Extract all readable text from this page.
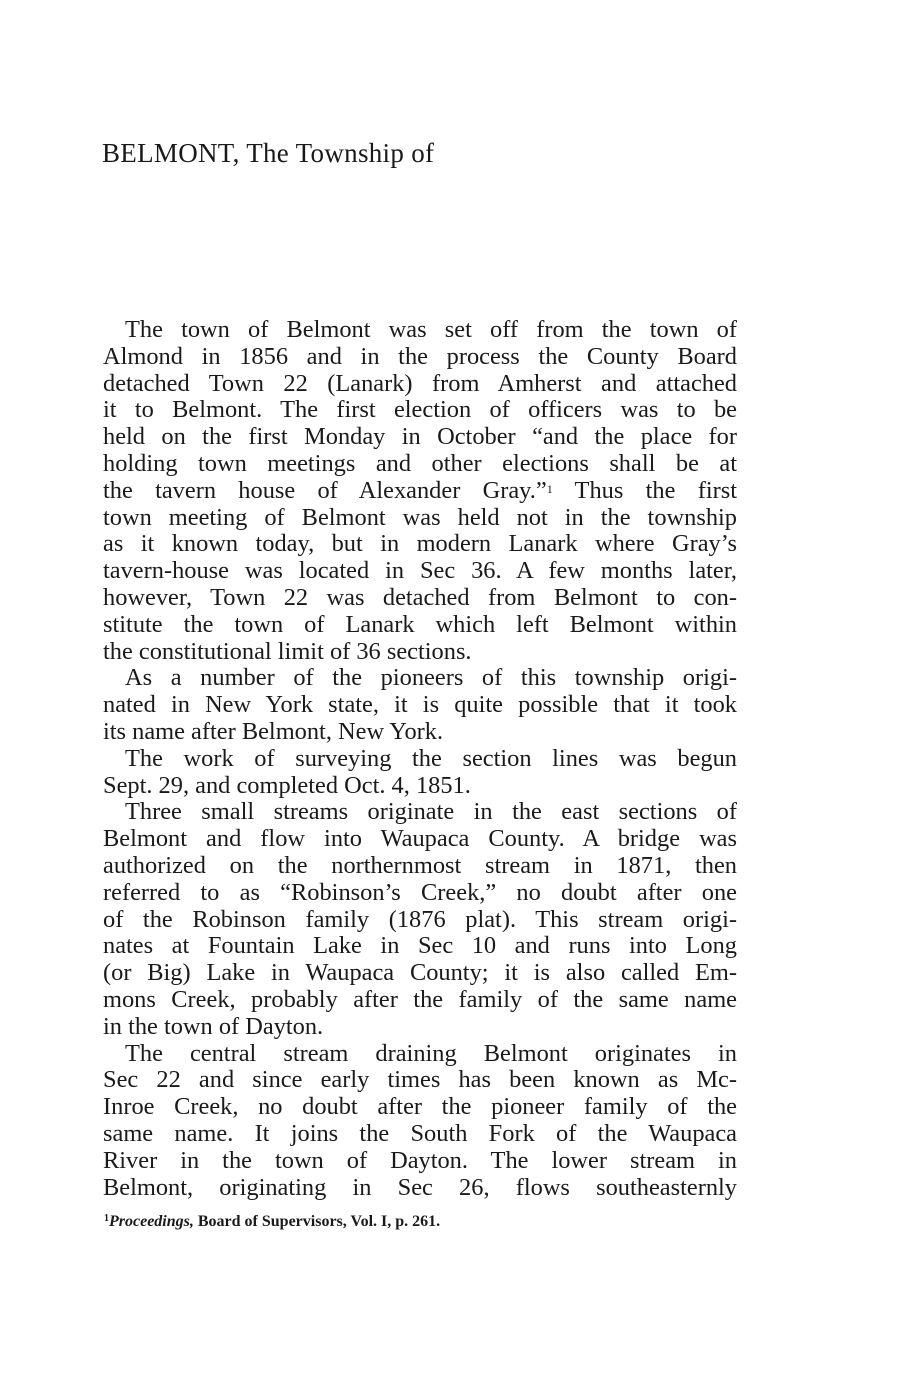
BELMONT, The Township of
The town of Belmont was set off from the town of
Almond in 1856 and in the process the County Board
detached Town 22 (Lanark) from Amherst and attached
it to Belmont. The first election of officers was to be
held on the first Monday in October “and the place for
holding town meetings and other elections shall be at
the tavern house of Alexander Gray.”$^1$ Thus the first
town meeting of Belmont was held not in the township
as it known today, but in modern Lanark where Gray’s
tavern-house was located in Sec 36. A few months later,
however, Town 22 was detached from Belmont to con-
stitute the town of Lanark which left Belmont within
the constitutional limit of 36 sections.
As a number of the pioneers of this township origi-
nated in New York state, it is quite possible that it took
its name after Belmont, New York.
The work of surveying the section lines was begun
Sept. 29, and completed Oct. 4, 1851.
Three small streams originate in the east sections of
Belmont and flow into Waupaca County. A bridge was
authorized on the northernmost stream in 1871, then
referred to as “Robinson’s Creek,” no doubt after one
of the Robinson family (1876 plat). This stream origi-
nates at Fountain Lake in Sec 10 and runs into Long
(or Big) Lake in Waupaca County; it is also called Em-
mons Creek, probably after the family of the same name
in the town of Dayton.
The central stream draining Belmont originates in
Sec 22 and since early times has been known as Mc-
Inroe Creek, no doubt after the pioneer family of the
same name. It joins the South Fork of the Waupaca
River in the town of Dayton. The lower stream in
Belmont, originating in Sec 26, flows southeasternly
$^1$Proceedings, Board of Supervisors, Vol. I, p. 261.
